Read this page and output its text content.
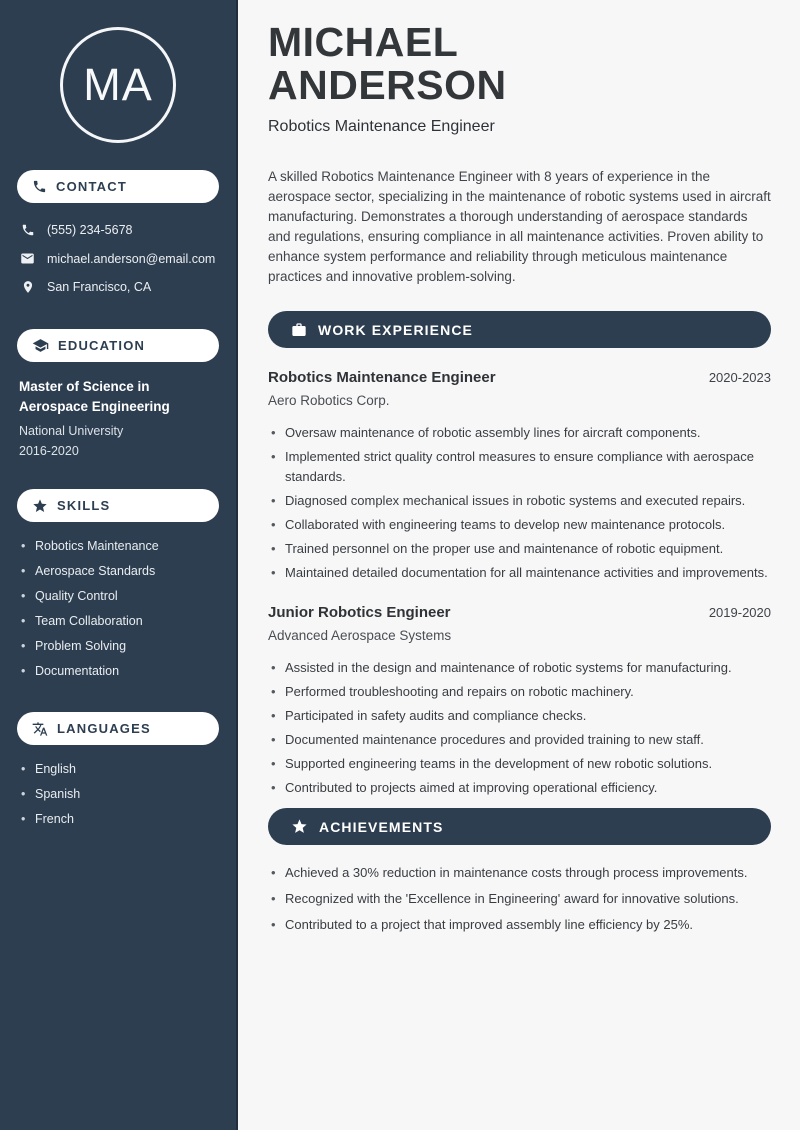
MA
CONTACT
(555) 234-5678
michael.anderson@email.com
San Francisco, CA
EDUCATION
Master of Science in Aerospace Engineering
National University
2016-2020
SKILLS
• Robotics Maintenance
• Aerospace Standards
• Quality Control
• Team Collaboration
• Problem Solving
• Documentation
LANGUAGES
• English
• Spanish
• French
MICHAEL
ANDERSON
Robotics Maintenance Engineer

A skilled Robotics Maintenance Engineer with 8 years of experience in the aerospace sector, specializing in the maintenance of robotic systems used in aircraft manufacturing. Demonstrates a thorough understanding of aerospace standards and regulations, ensuring compliance in all maintenance activities. Proven ability to enhance system performance and reliability through meticulous maintenance practices and innovative problem-solving.

WORK EXPERIENCE
Robotics Maintenance Engineer	2020-2023
Aero Robotics Corp.
• Oversaw maintenance of robotic assembly lines for aircraft components.
• Implemented strict quality control measures to ensure compliance with aerospace standards.
• Diagnosed complex mechanical issues in robotic systems and executed repairs.
• Collaborated with engineering teams to develop new maintenance protocols.
• Trained personnel on the proper use and maintenance of robotic equipment.
• Maintained detailed documentation for all maintenance activities and improvements.
Junior Robotics Engineer	2019-2020
Advanced Aerospace Systems
• Assisted in the design and maintenance of robotic systems for manufacturing.
• Performed troubleshooting and repairs on robotic machinery.
• Participated in safety audits and compliance checks.
• Documented maintenance procedures and provided training to new staff.
• Supported engineering teams in the development of new robotic solutions.
• Contributed to projects aimed at improving operational efficiency.
ACHIEVEMENTS
• Achieved a 30% reduction in maintenance costs through process improvements.
• Recognized with the 'Excellence in Engineering' award for innovative solutions.
• Contributed to a project that improved assembly line efficiency by 25%.
